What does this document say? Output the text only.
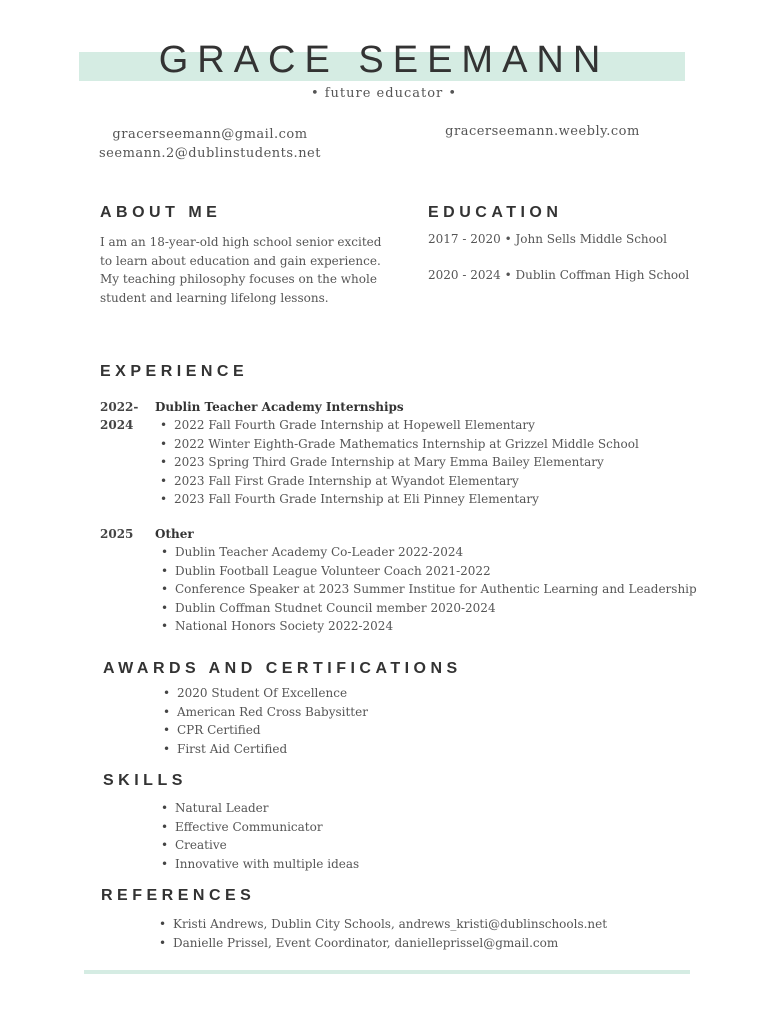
GRACE SEEMANN
• future educator •
gracerseemann@gmail.com
seemann.2@dublinstudents.net
gracerseemann.weebly.com
ABOUT ME
I am an 18-year-old high school senior excited to learn about education and gain experience. My teaching philosophy focuses on the whole student and learning lifelong lessons.
EDUCATION
2017 - 2020 • John Sells Middle School
2020 - 2024 • Dublin Coffman High School
EXPERIENCE
2022-
2024
Dublin Teacher Academy Internships
• 2022 Fall Fourth Grade Internship at Hopewell Elementary
• 2022 Winter Eighth-Grade Mathematics Internship at Grizzel Middle School
• 2023 Spring Third Grade Internship at Mary Emma Bailey Elementary
• 2023 Fall First Grade Internship at Wyandot Elementary
• 2023 Fall Fourth Grade Internship at Eli Pinney Elementary
2025 Other
• Dublin Teacher Academy Co-Leader 2022-2024
• Dublin Football League Volunteer Coach 2021-2022
• Conference Speaker at 2023 Summer Institue for Authentic Learning and Leadership
• Dublin Coffman Studnet Council member 2020-2024
• National Honors Society 2022-2024
AWARDS AND CERTIFICATIONS
• 2020 Student Of Excellence
• American Red Cross Babysitter
• CPR Certified
• First Aid Certified
SKILLS
• Natural Leader
• Effective Communicator
• Creative
• Innovative with multiple ideas
REFERENCES
• Kristi Andrews, Dublin City Schools, andrews_kristi@dublinschools.net
• Danielle Prissel, Event Coordinator, danielleprissel@gmail.com
